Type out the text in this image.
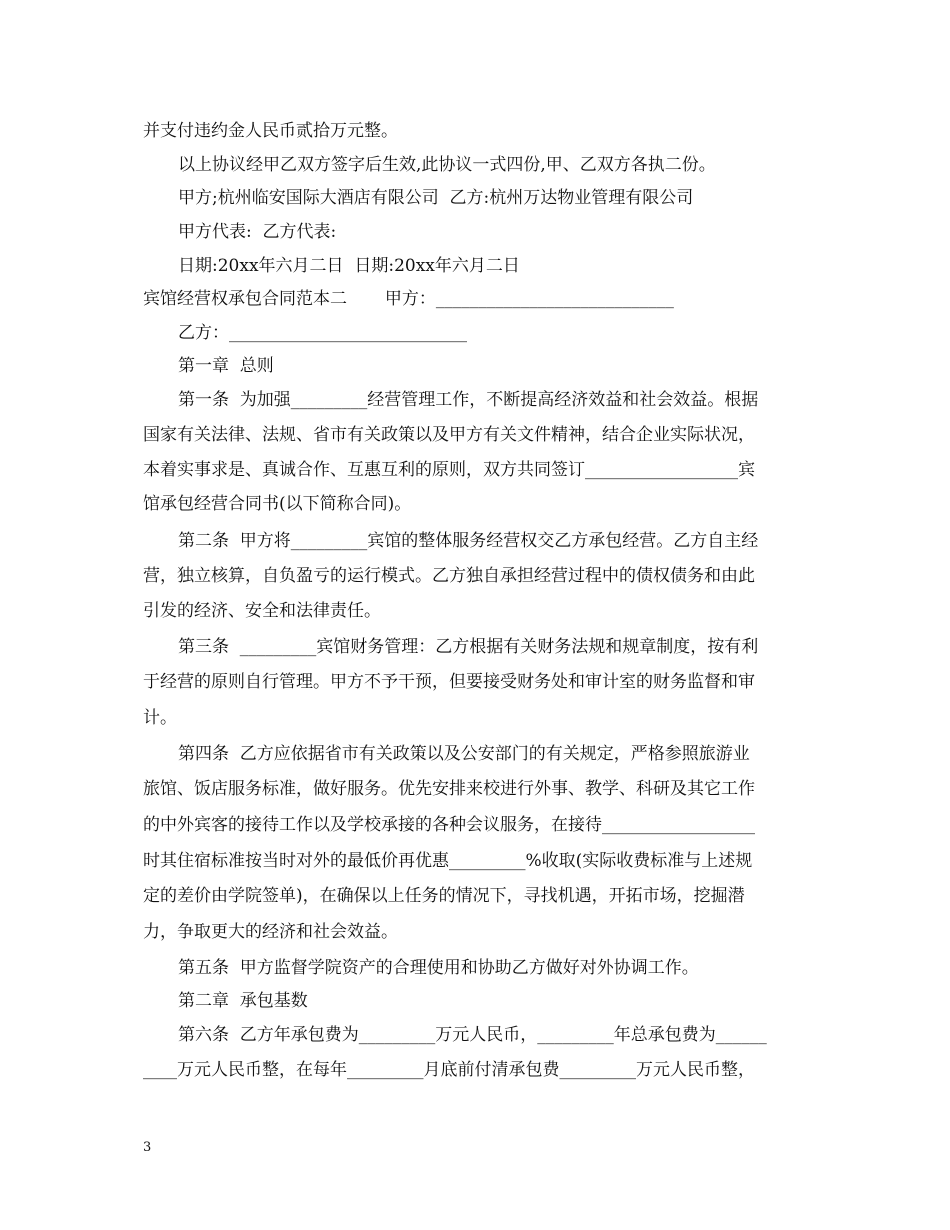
并支付违约金人民币贰拾万元整。
以上协议经甲乙双方签字后生效,此协议一式四份,甲、乙双方各执二份。
甲方;杭州临安国际大酒店有限公司  乙方:杭州万达物业管理有限公司
甲方代表:  乙方代表:
日期:20xx年六月二日  日期:20xx年六月二日
宾馆经营权承包合同范本二       甲方：____________________________
乙方：____________________________
第一章  总则
第一条  为加强_________经营管理工作，不断提高经济效益和社会效益。根据
国家有关法律、法规、省市有关政策以及甲方有关文件精神，结合企业实际状况，
本着实事求是、真诚合作、互惠互利的原则，双方共同签订__________________宾
馆承包经营合同书(以下简称合同)。
第二条  甲方将_________宾馆的整体服务经营权交乙方承包经营。乙方自主经
营，独立核算，自负盈亏的运行模式。乙方独自承担经营过程中的债权债务和由此
引发的经济、安全和法律责任。
第三条  _________宾馆财务管理：乙方根据有关财务法规和规章制度，按有利
于经营的原则自行管理。甲方不予干预，但要接受财务处和审计室的财务监督和审
计。
第四条  乙方应依据省市有关政策以及公安部门的有关规定，严格参照旅游业
旅馆、饭店服务标准，做好服务。优先安排来校进行外事、教学、科研及其它工作
的中外宾客的接待工作以及学校承接的各种会议服务，在接待__________________
时其住宿标准按当时对外的最低价再优惠_________%收取(实际收费标准与上述规
定的差价由学院签单)，在确保以上任务的情况下，寻找机遇，开拓市场，挖掘潜
力，争取更大的经济和社会效益。
第五条  甲方监督学院资产的合理使用和协助乙方做好对外协调工作。
第二章  承包基数
第六条  乙方年承包费为_________万元人民币，_________年总承包费为______
____万元人民币整，在每年_________月底前付清承包费_________万元人民币整，
3
